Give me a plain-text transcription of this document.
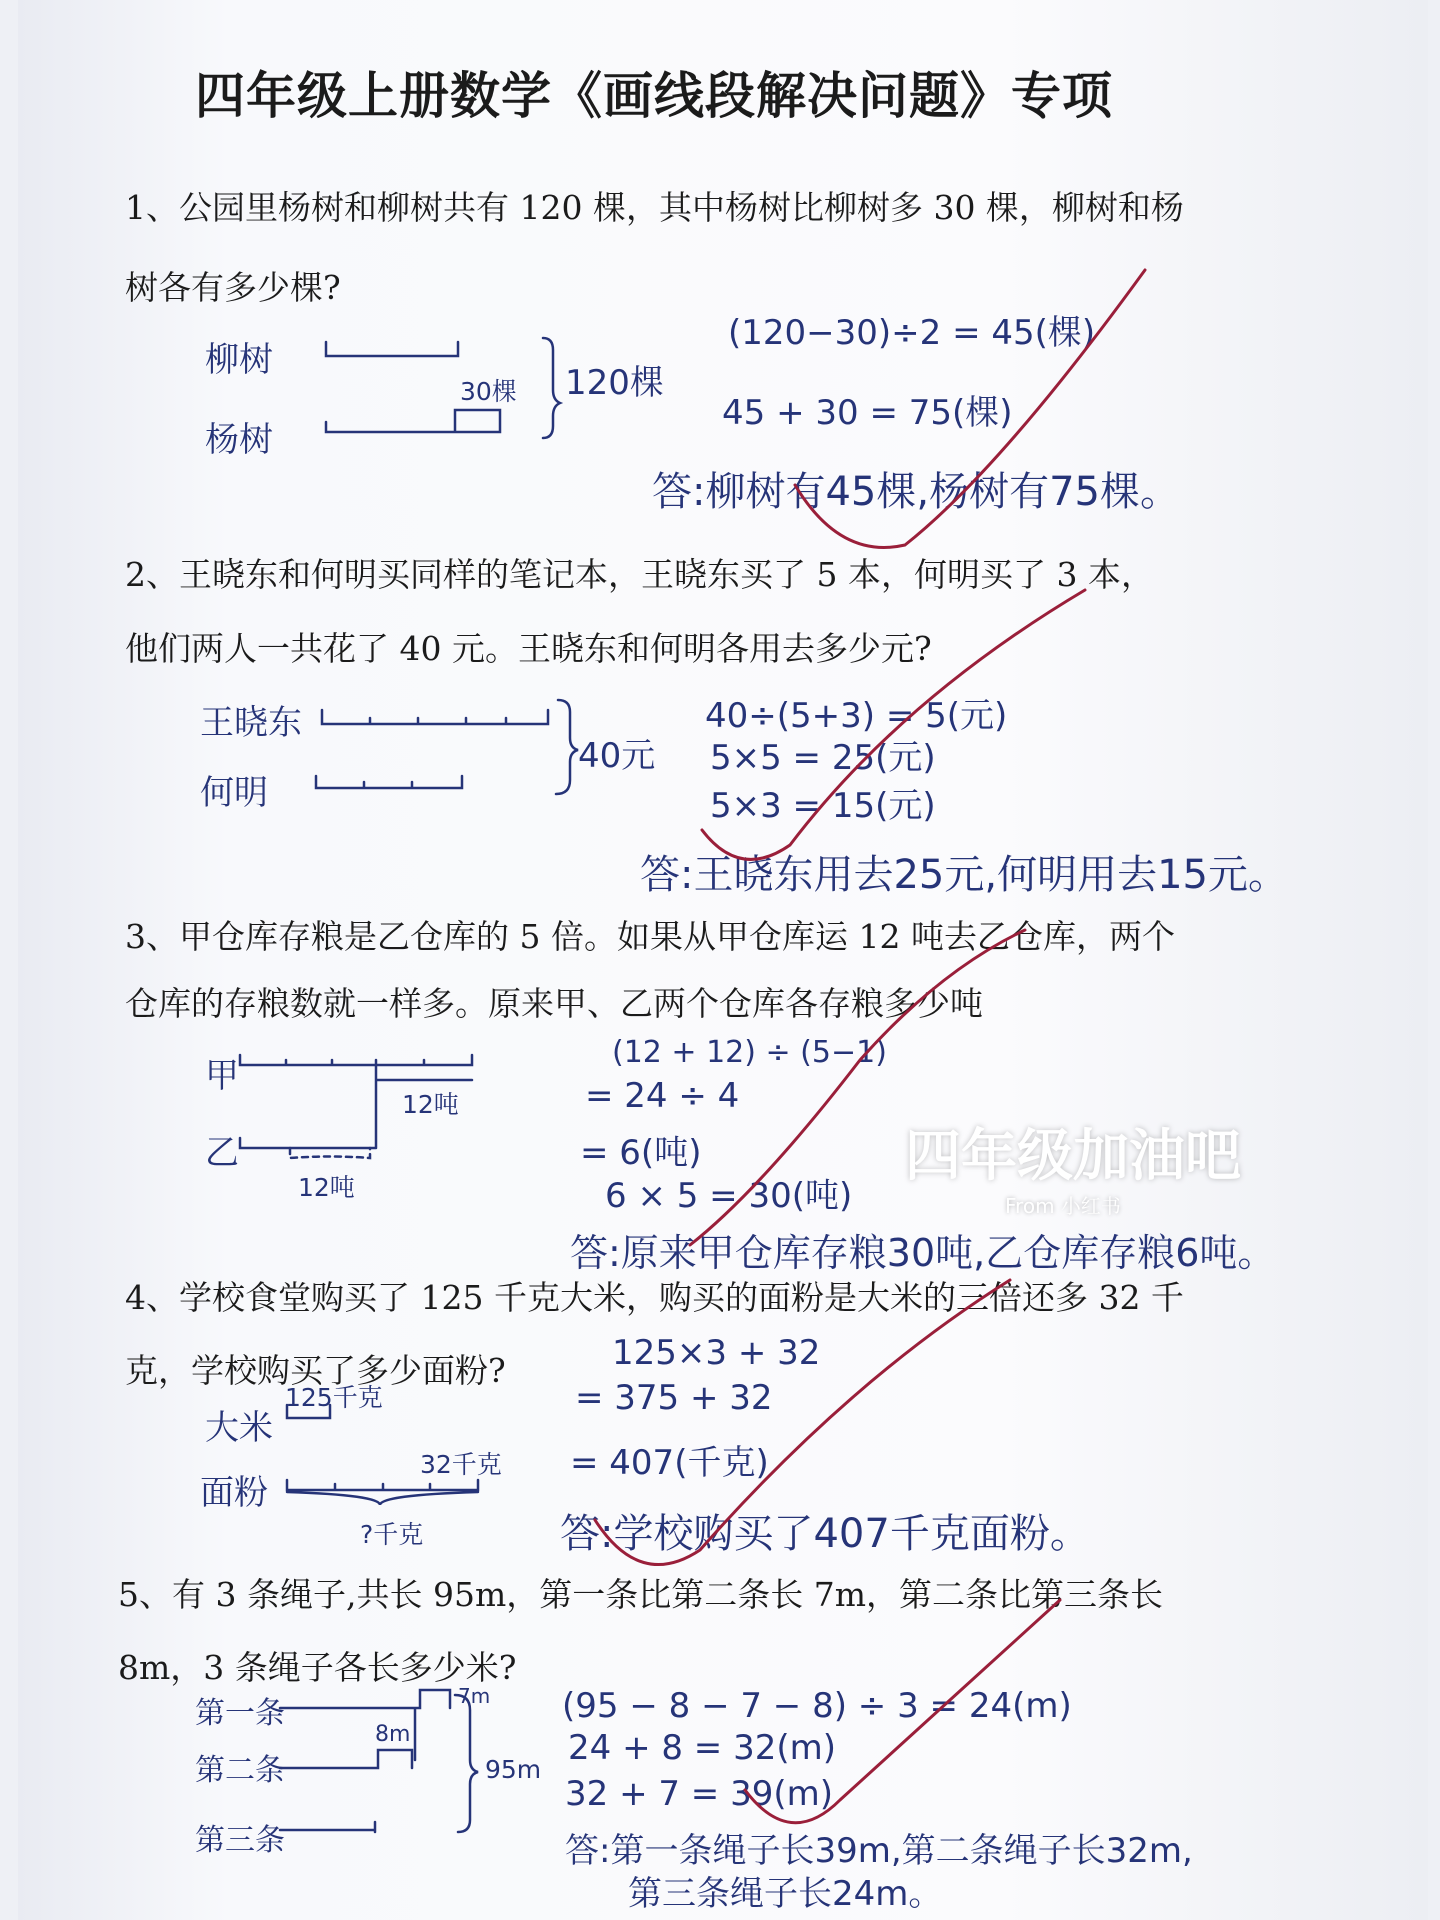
四年级上册数学《画线段解决问题》专项
1、公园里杨树和柳树共有 120 棵，其中杨树比柳树多 30 棵，柳树和杨
树各有多少棵?
柳树
杨树
30棵 120棵
(120−30)÷2 = 45(棵)
45 + 30 = 75(棵)
答:柳树有45棵,杨树有75棵。
2、王晓东和何明买同样的笔记本，王晓东买了 5 本，何明买了 3 本，
他们两人一共花了 40 元。王晓东和何明各用去多少元?
王晓东
何明
40元
40÷(5+3) = 5(元)
5×5 = 25(元)
5×3 = 15(元)
答:王晓东用去25元,何明用去15元。
3、甲仓库存粮是乙仓库的 5 倍。如果从甲仓库运 12 吨去乙仓库，两个
仓库的存粮数就一样多。原来甲、乙两个仓库各存粮多少吨
甲
乙
12吨
12吨
(12 + 12) ÷ (5−1)
= 24 ÷ 4
= 6(吨)
6 × 5 = 30(吨)
答:原来甲仓库存粮30吨,乙仓库存粮6吨。
四年级加油吧
From 小红书
4、学校食堂购买了 125 千克大米，购买的面粉是大米的三倍还多 32 千
克，学校购买了多少面粉?
大米
面粉
125千克
32千克
?千克
125×3 + 32
= 375 + 32
= 407(千克)
答:学校购买了407千克面粉。
5、有 3 条绳子,共长 95m，第一条比第二条长 7m，第二条比第三条长
8m，3 条绳子各长多少米?
第一条
第二条
第三条
7m
8m
95m
(95 − 8 − 7 − 8) ÷ 3 = 24(m)
24 + 8 = 32(m)
32 + 7 = 39(m)
答:第一条绳子长39m,第二条绳子长32m,
第三条绳子长24m。
